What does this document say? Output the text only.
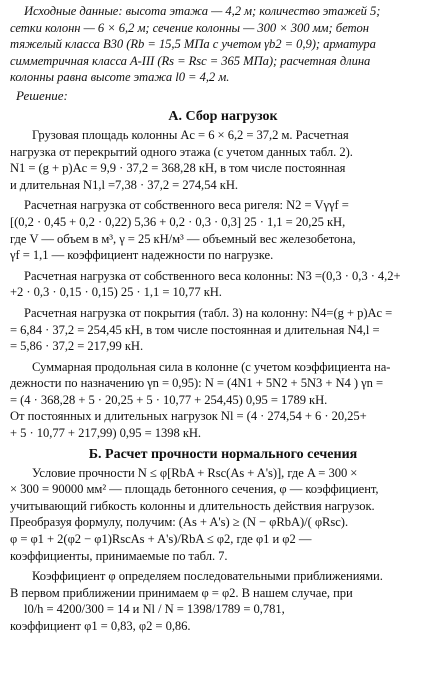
Исходные данные: высота этажа — 4,2 м; количество этажей 5;
сетки колонн — 6 × 6,2 м; сечение колонны — 300 × 300 мм; бетон
тяжелый класса B30 (Rb = 15,5 МПа с учетом γb2 = 0,9); арматура
симметричная класса A-III (Rs = Rsc = 365 МПа); расчетная длина
колонны равна высоте этажа l0 = 4,2 м.
Решение:
А. Сбор нагрузок
Грузовая площадь колонны Ac = 6 × 6,2 = 37,2 м. Расчетная
нагрузка от перекрытий одного этажа (с учетом данных табл. 2).
N1 = (g + p)Ac = 9,9 · 37,2 = 368,28 кН, в том числе постоянная
и длительная N1,l =7,38 · 37,2 = 274,54 кН.
Расчетная нагрузка от собственного веса ригеля: N2 = Vγγf =
[(0,2 · 0,45 + 0,2 · 0,22) 5,36 + 0,2 · 0,3 · 0,3] 25 · 1,1 = 20,25 кН,
где V — объем в м³, γ = 25 кН/м³ — объемный вес железобетона,
γf = 1,1 — коэффициент надежности по нагрузке.
Расчетная нагрузка от собственного веса колонны: N3 =(0,3 · 0,3 · 4,2+
+2 · 0,3 · 0,15 · 0,15) 25 · 1,1 = 10,77 кН.
Расчетная нагрузка от покрытия (табл. 3) на колонну: N4=(g + p)Ac =
= 6,84 · 37,2 = 254,45 кН, в том числе постоянная и длительная N4,l =
= 5,86 · 37,2 = 217,99 кН.
Суммарная продольная сила в колонне (с учетом коэффициента на-
дежности по назначению γn = 0,95): N = (4N1 + 5N2 + 5N3 + N4 ) γn =
= (4 · 368,28 + 5 · 20,25 + 5 · 10,77 + 254,45) 0,95 = 1789 кН.
От постоянных и длительных нагрузок Nl = (4 · 274,54 + 6 · 20,25+
+ 5 · 10,77 + 217,99) 0,95 = 1398 кН.
Б. Расчет прочности нормального сечения
Условие прочности N ≤ φ[RbA + Rsc(As + A's)], где A = 300 ×
× 300 = 90000 мм² — площадь бетонного сечения, φ — коэффициент,
учитывающий гибкость колонны и длительность действия нагрузок.
Преобразуя формулу, получим: (As + A's) ≥ (N − φRbA)/( φRsc).
φ = φ1 + 2(φ2 − φ1)RscAs + A's)/RbA ≤ φ2, где φ1 и φ2 —
коэффициенты, принимаемые по табл. 7.
Коэффициент φ определяем последовательными приближениями.
В первом приближении принимаем φ = φ2. В нашем случае, при
l0/h = 4200/300 = 14 и Nl / N = 1398/1789 = 0,781,
коэффициент φ1 = 0,83, φ2 = 0,86.
